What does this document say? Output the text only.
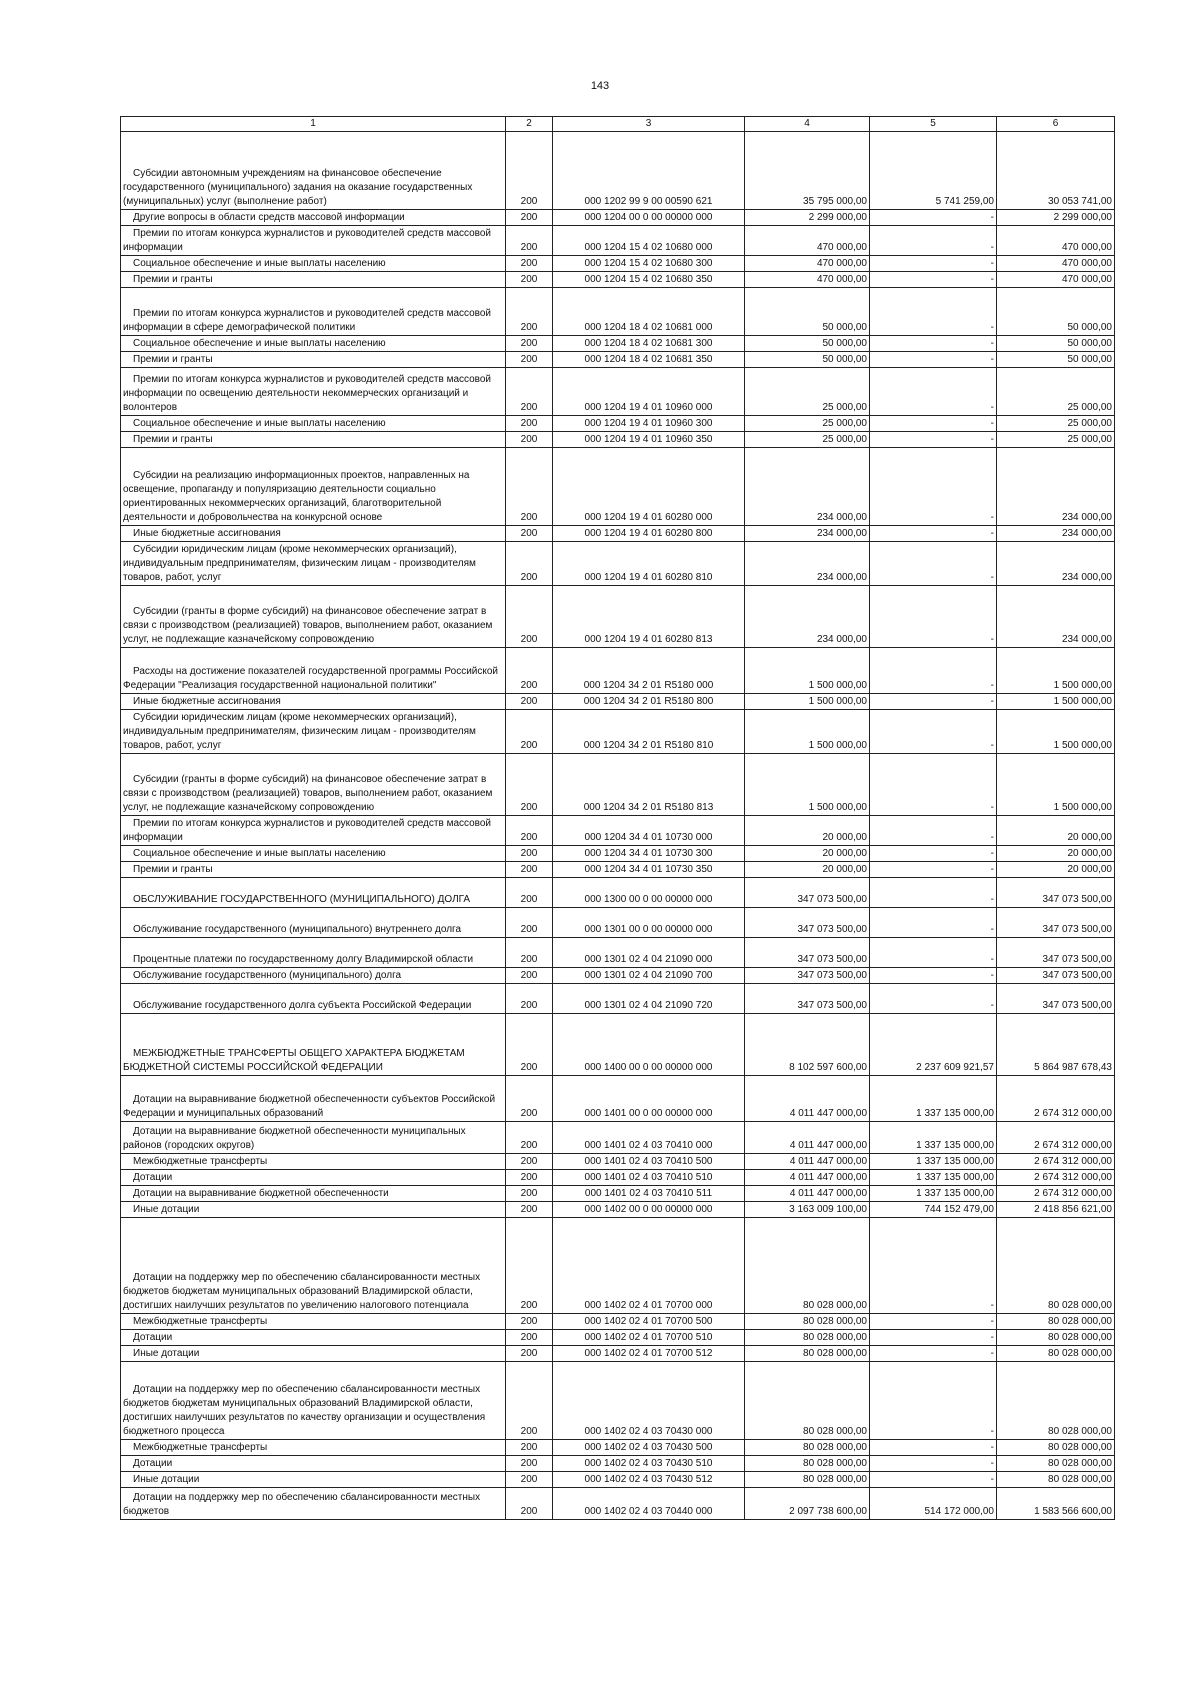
143
1	2	3	4	5	6

Субсидии автономным учреждениям на финансовое обеспечение государственного (муниципального) задания на оказание государственных (муниципальных) услуг (выполнение работ)	200	000 1202 99 9 00 00590 621	35 795 000,00	5 741 259,00	30 053 741,00

Другие вопросы в области средств массовой информации	200	000 1204 00 0 00 00000 000	2 299 000,00	-	2 299 000,00

Премии по итогам конкурса журналистов и руководителей средств массовой информации	200	000 1204 15 4 02 10680 000	470 000,00	-	470 000,00

Социальное обеспечение и иные выплаты населению	200	000 1204 15 4 02 10680 300	470 000,00	-	470 000,00

Премии и гранты	200	000 1204 15 4 02 10680 350	470 000,00	-	470 000,00

Премии по итогам конкурса журналистов и руководителей средств массовой информации в сфере демографической политики	200	000 1204 18 4 02 10681 000	50 000,00	-	50 000,00

Социальное обеспечение и иные выплаты населению	200	000 1204 18 4 02 10681 300	50 000,00	-	50 000,00

Премии и гранты	200	000 1204 18 4 02 10681 350	50 000,00	-	50 000,00

Премии по итогам конкурса журналистов и руководителей средств массовой информации по освещению деятельности некоммерческих организаций и волонтеров	200	000 1204 19 4 01 10960 000	25 000,00	-	25 000,00

Социальное обеспечение и иные выплаты населению	200	000 1204 19 4 01 10960 300	25 000,00	-	25 000,00

Премии и гранты	200	000 1204 19 4 01 10960 350	25 000,00	-	25 000,00

Субсидии на реализацию информационных проектов, направленных на освещение, пропаганду и популяризацию деятельности социально ориентированных некоммерческих организаций, благотворительной деятельности и добровольчества на конкурсной основе	200	000 1204 19 4 01 60280 000	234 000,00	-	234 000,00

Иные бюджетные ассигнования	200	000 1204 19 4 01 60280 800	234 000,00	-	234 000,00

Субсидии юридическим лицам (кроме некоммерческих организаций), индивидуальным предпринимателям, физическим лицам - производителям товаров, работ, услуг	200	000 1204 19 4 01 60280 810	234 000,00	-	234 000,00

Субсидии (гранты в форме субсидий) на финансовое обеспечение затрат в связи с производством (реализацией) товаров, выполнением работ, оказанием услуг, не подлежащие казначейскому сопровождению	200	000 1204 19 4 01 60280 813	234 000,00	-	234 000,00

Расходы на достижение показателей государственной программы Российской Федерации "Реализация государственной национальной политики"	200	000 1204 34 2 01 R5180 000	1 500 000,00	-	1 500 000,00

Иные бюджетные ассигнования	200	000 1204 34 2 01 R5180 800	1 500 000,00	-	1 500 000,00

Субсидии юридическим лицам (кроме некоммерческих организаций), индивидуальным предпринимателям, физическим лицам - производителям товаров, работ, услуг	200	000 1204 34 2 01 R5180 810	1 500 000,00	-	1 500 000,00

Субсидии (гранты в форме субсидий) на финансовое обеспечение затрат в связи с производством (реализацией) товаров, выполнением работ, оказанием услуг, не подлежащие казначейскому сопровождению	200	000 1204 34 2 01 R5180 813	1 500 000,00	-	1 500 000,00

Премии по итогам конкурса журналистов и руководителей средств массовой информации	200	000 1204 34 4 01 10730 000	20 000,00	-	20 000,00

Социальное обеспечение и иные выплаты населению	200	000 1204 34 4 01 10730 300	20 000,00	-	20 000,00

Премии и гранты	200	000 1204 34 4 01 10730 350	20 000,00	-	20 000,00

ОБСЛУЖИВАНИЕ ГОСУДАРСТВЕННОГО (МУНИЦИПАЛЬНОГО) ДОЛГА	200	000 1300 00 0 00 00000 000	347 073 500,00	-	347 073 500,00

Обслуживание государственного (муниципального) внутреннего долга	200	000 1301 00 0 00 00000 000	347 073 500,00	-	347 073 500,00

Процентные платежи по государственному долгу Владимирской области	200	000 1301 02 4 04 21090 000	347 073 500,00	-	347 073 500,00

Обслуживание государственного (муниципального) долга	200	000 1301 02 4 04 21090 700	347 073 500,00	-	347 073 500,00

Обслуживание государственного долга субъекта Российской Федерации	200	000 1301 02 4 04 21090 720	347 073 500,00	-	347 073 500,00

МЕЖБЮДЖЕТНЫЕ ТРАНСФЕРТЫ ОБЩЕГО ХАРАКТЕРА БЮДЖЕТАМ БЮДЖЕТНОЙ СИСТЕМЫ РОССИЙСКОЙ ФЕДЕРАЦИИ	200	000 1400 00 0 00 00000 000	8 102 597 600,00	2 237 609 921,57	5 864 987 678,43

Дотации на выравнивание бюджетной обеспеченности субъектов Российской Федерации и муниципальных образований	200	000 1401 00 0 00 00000 000	4 011 447 000,00	1 337 135 000,00	2 674 312 000,00

Дотации на выравнивание бюджетной обеспеченности муниципальных районов (городских округов)	200	000 1401 02 4 03 70410 000	4 011 447 000,00	1 337 135 000,00	2 674 312 000,00

Межбюджетные трансферты	200	000 1401 02 4 03 70410 500	4 011 447 000,00	1 337 135 000,00	2 674 312 000,00

Дотации	200	000 1401 02 4 03 70410 510	4 011 447 000,00	1 337 135 000,00	2 674 312 000,00

Дотации на выравнивание бюджетной обеспеченности	200	000 1401 02 4 03 70410 511	4 011 447 000,00	1 337 135 000,00	2 674 312 000,00

Иные дотации	200	000 1402 00 0 00 00000 000	3 163 009 100,00	744 152 479,00	2 418 856 621,00

Дотации на поддержку мер по обеспечению сбалансированности местных бюджетов бюджетам муниципальных образований Владимирской области, достигших наилучших результатов по увеличению налогового потенциала	200	000 1402 02 4 01 70700 000	80 028 000,00	-	80 028 000,00

Межбюджетные трансферты	200	000 1402 02 4 01 70700 500	80 028 000,00	-	80 028 000,00

Дотации	200	000 1402 02 4 01 70700 510	80 028 000,00	-	80 028 000,00

Иные дотации	200	000 1402 02 4 01 70700 512	80 028 000,00	-	80 028 000,00

Дотации на поддержку мер по обеспечению сбалансированности местных бюджетов бюджетам муниципальных образований Владимирской области, достигших наилучших результатов по качеству организации и осуществления бюджетного процесса	200	000 1402 02 4 03 70430 000	80 028 000,00	-	80 028 000,00

Межбюджетные трансферты	200	000 1402 02 4 03 70430 500	80 028 000,00	-	80 028 000,00

Дотации	200	000 1402 02 4 03 70430 510	80 028 000,00	-	80 028 000,00

Иные дотации	200	000 1402 02 4 03 70430 512	80 028 000,00	-	80 028 000,00

Дотации на поддержку мер по обеспечению сбалансированности местных бюджетов	200	000 1402 02 4 03 70440 000	2 097 738 600,00	514 172 000,00	1 583 566 600,00
